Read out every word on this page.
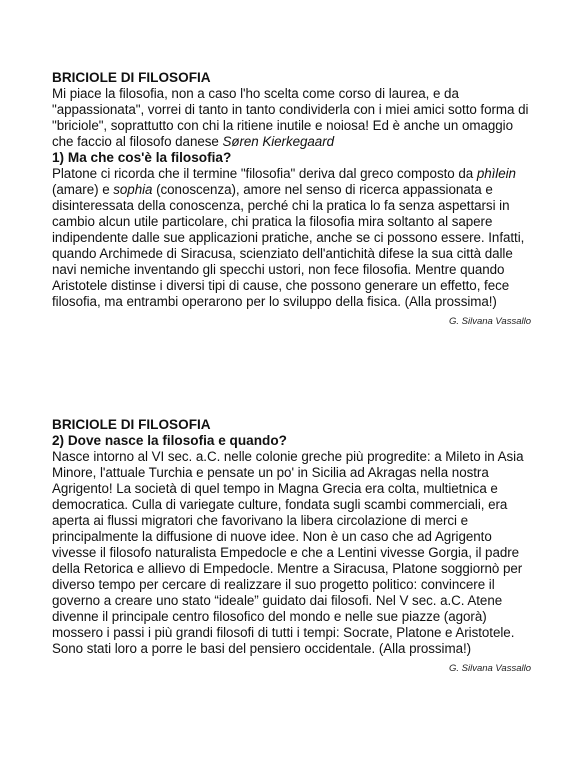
BRICIOLE DI FILOSOFIA

Mi piace la filosofia, non a caso l'ho scelta come corso di laurea, e da "appassionata", vorrei di tanto in tanto condividerla con i miei amici sotto forma di "briciole", soprattutto con chi la ritiene inutile e noiosa! Ed è anche un omaggio che faccio al filosofo danese Søren Kierkegaard

1) Ma che cos'è la filosofia?

Platone ci ricorda che il termine "filosofia" deriva dal greco composto da phìlein (amare) e sophia (conoscenza), amore nel senso di ricerca appassionata e disinteressata della conoscenza, perché chi la pratica lo fa senza aspettarsi in cambio alcun utile particolare, chi pratica la filosofia mira soltanto al sapere indipendente dalle sue applicazioni pratiche, anche se ci possono essere. Infatti, quando Archimede di Siracusa, scienziato dell'antichità difese la sua città dalle navi nemiche inventando gli specchi ustori, non fece filosofia. Mentre quando Aristotele distinse i diversi tipi di cause, che possono generare un effetto, fece filosofia, ma entrambi operarono per lo sviluppo della fisica. (Alla prossima!)

G. Silvana Vassallo

BRICIOLE DI FILOSOFIA

2) Dove nasce la filosofia e quando?

Nasce intorno al VI sec. a.C. nelle colonie greche più progredite: a Mileto in Asia Minore, l'attuale Turchia e pensate un po' in Sicilia ad Akragas nella nostra Agrigento! La società di quel tempo in Magna Grecia era colta, multietnica e democratica. Culla di variegate culture, fondata sugli scambi commerciali, era aperta ai flussi migratori che favorivano la libera circolazione di merci e principalmente la diffusione di nuove idee. Non è un caso che ad Agrigento vivesse il filosofo naturalista Empedocle e che a Lentini vivesse Gorgia, il padre della Retorica e allievo di Empedocle. Mentre a Siracusa, Platone soggiornò per diverso tempo per cercare di realizzare il suo progetto politico: convincere il governo a creare uno stato “ideale” guidato dai filosofi. Nel V sec. a.C. Atene divenne il principale centro filosofico del mondo e nelle sue piazze (agorà) mossero i passi i più grandi filosofi di tutti i tempi: Socrate, Platone e Aristotele. Sono stati loro a porre le basi del pensiero occidentale. (Alla prossima!)

G. Silvana Vassallo
